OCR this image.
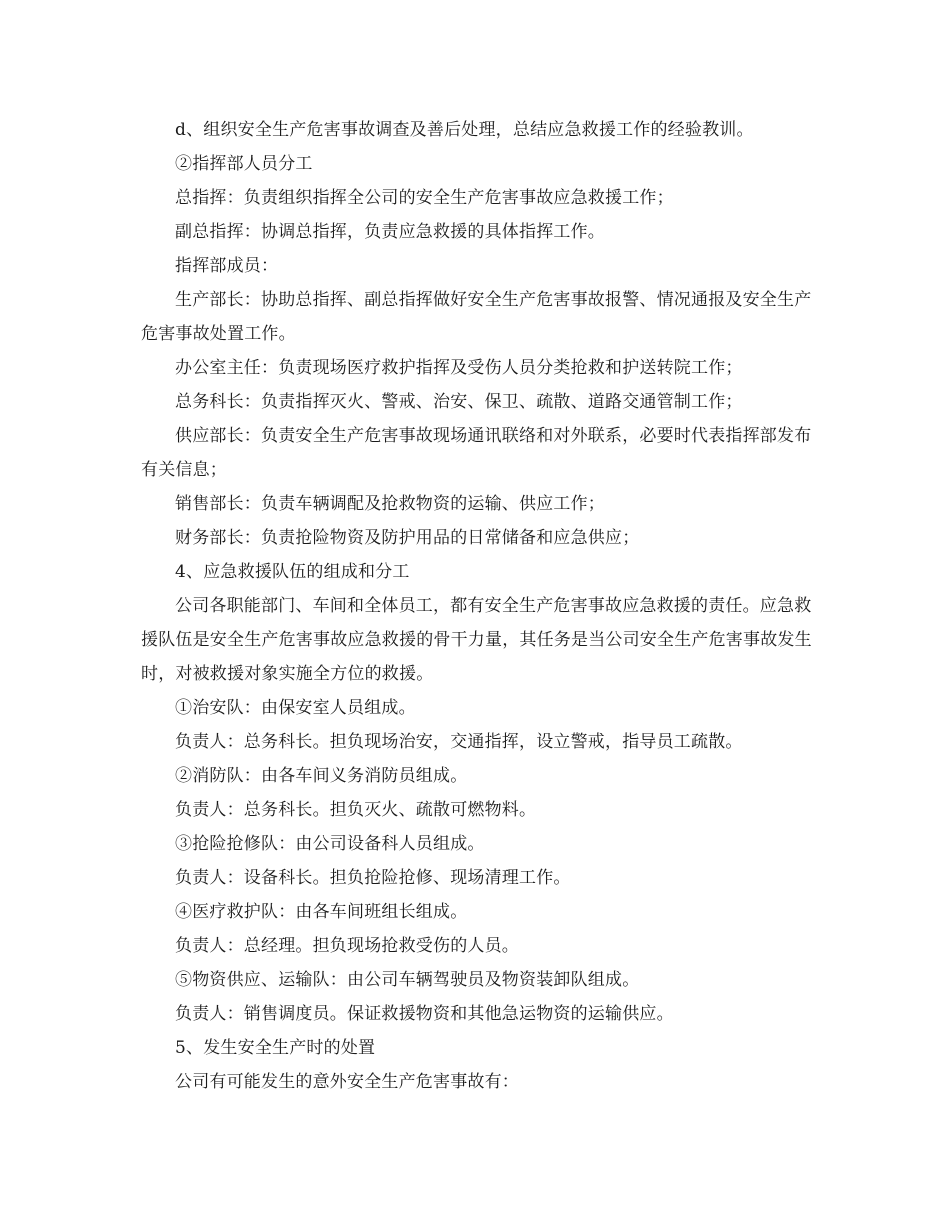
d、组织安全生产危害事故调查及善后处理，总结应急救援工作的经验教训。

②指挥部人员分工

总指挥：负责组织指挥全公司的安全生产危害事故应急救援工作；

副总指挥：协调总指挥，负责应急救援的具体指挥工作。

指挥部成员：

生产部长：协助总指挥、副总指挥做好安全生产危害事故报警、情况通报及安全生产危害事故处置工作。

办公室主任：负责现场医疗救护指挥及受伤人员分类抢救和护送转院工作；

总务科长：负责指挥灭火、警戒、治安、保卫、疏散、道路交通管制工作；

供应部长：负责安全生产危害事故现场通讯联络和对外联系，必要时代表指挥部发布有关信息；

销售部长：负责车辆调配及抢救物资的运输、供应工作；

财务部长：负责抢险物资及防护用品的日常储备和应急供应；

4、应急救援队伍的组成和分工

公司各职能部门、车间和全体员工，都有安全生产危害事故应急救援的责任。应急救援队伍是安全生产危害事故应急救援的骨干力量，其任务是当公司安全生产危害事故发生时，对被救援对象实施全方位的救援。

①治安队：由保安室人员组成。

负责人：总务科长。担负现场治安，交通指挥，设立警戒，指导员工疏散。

②消防队：由各车间义务消防员组成。

负责人：总务科长。担负灭火、疏散可燃物料。

③抢险抢修队：由公司设备科人员组成。

负责人：设备科长。担负抢险抢修、现场清理工作。

④医疗救护队：由各车间班组长组成。

负责人：总经理。担负现场抢救受伤的人员。

⑤物资供应、运输队：由公司车辆驾驶员及物资装卸队组成。

负责人：销售调度员。保证救援物资和其他急运物资的运输供应。

5、发生安全生产时的处置

公司有可能发生的意外安全生产危害事故有：
